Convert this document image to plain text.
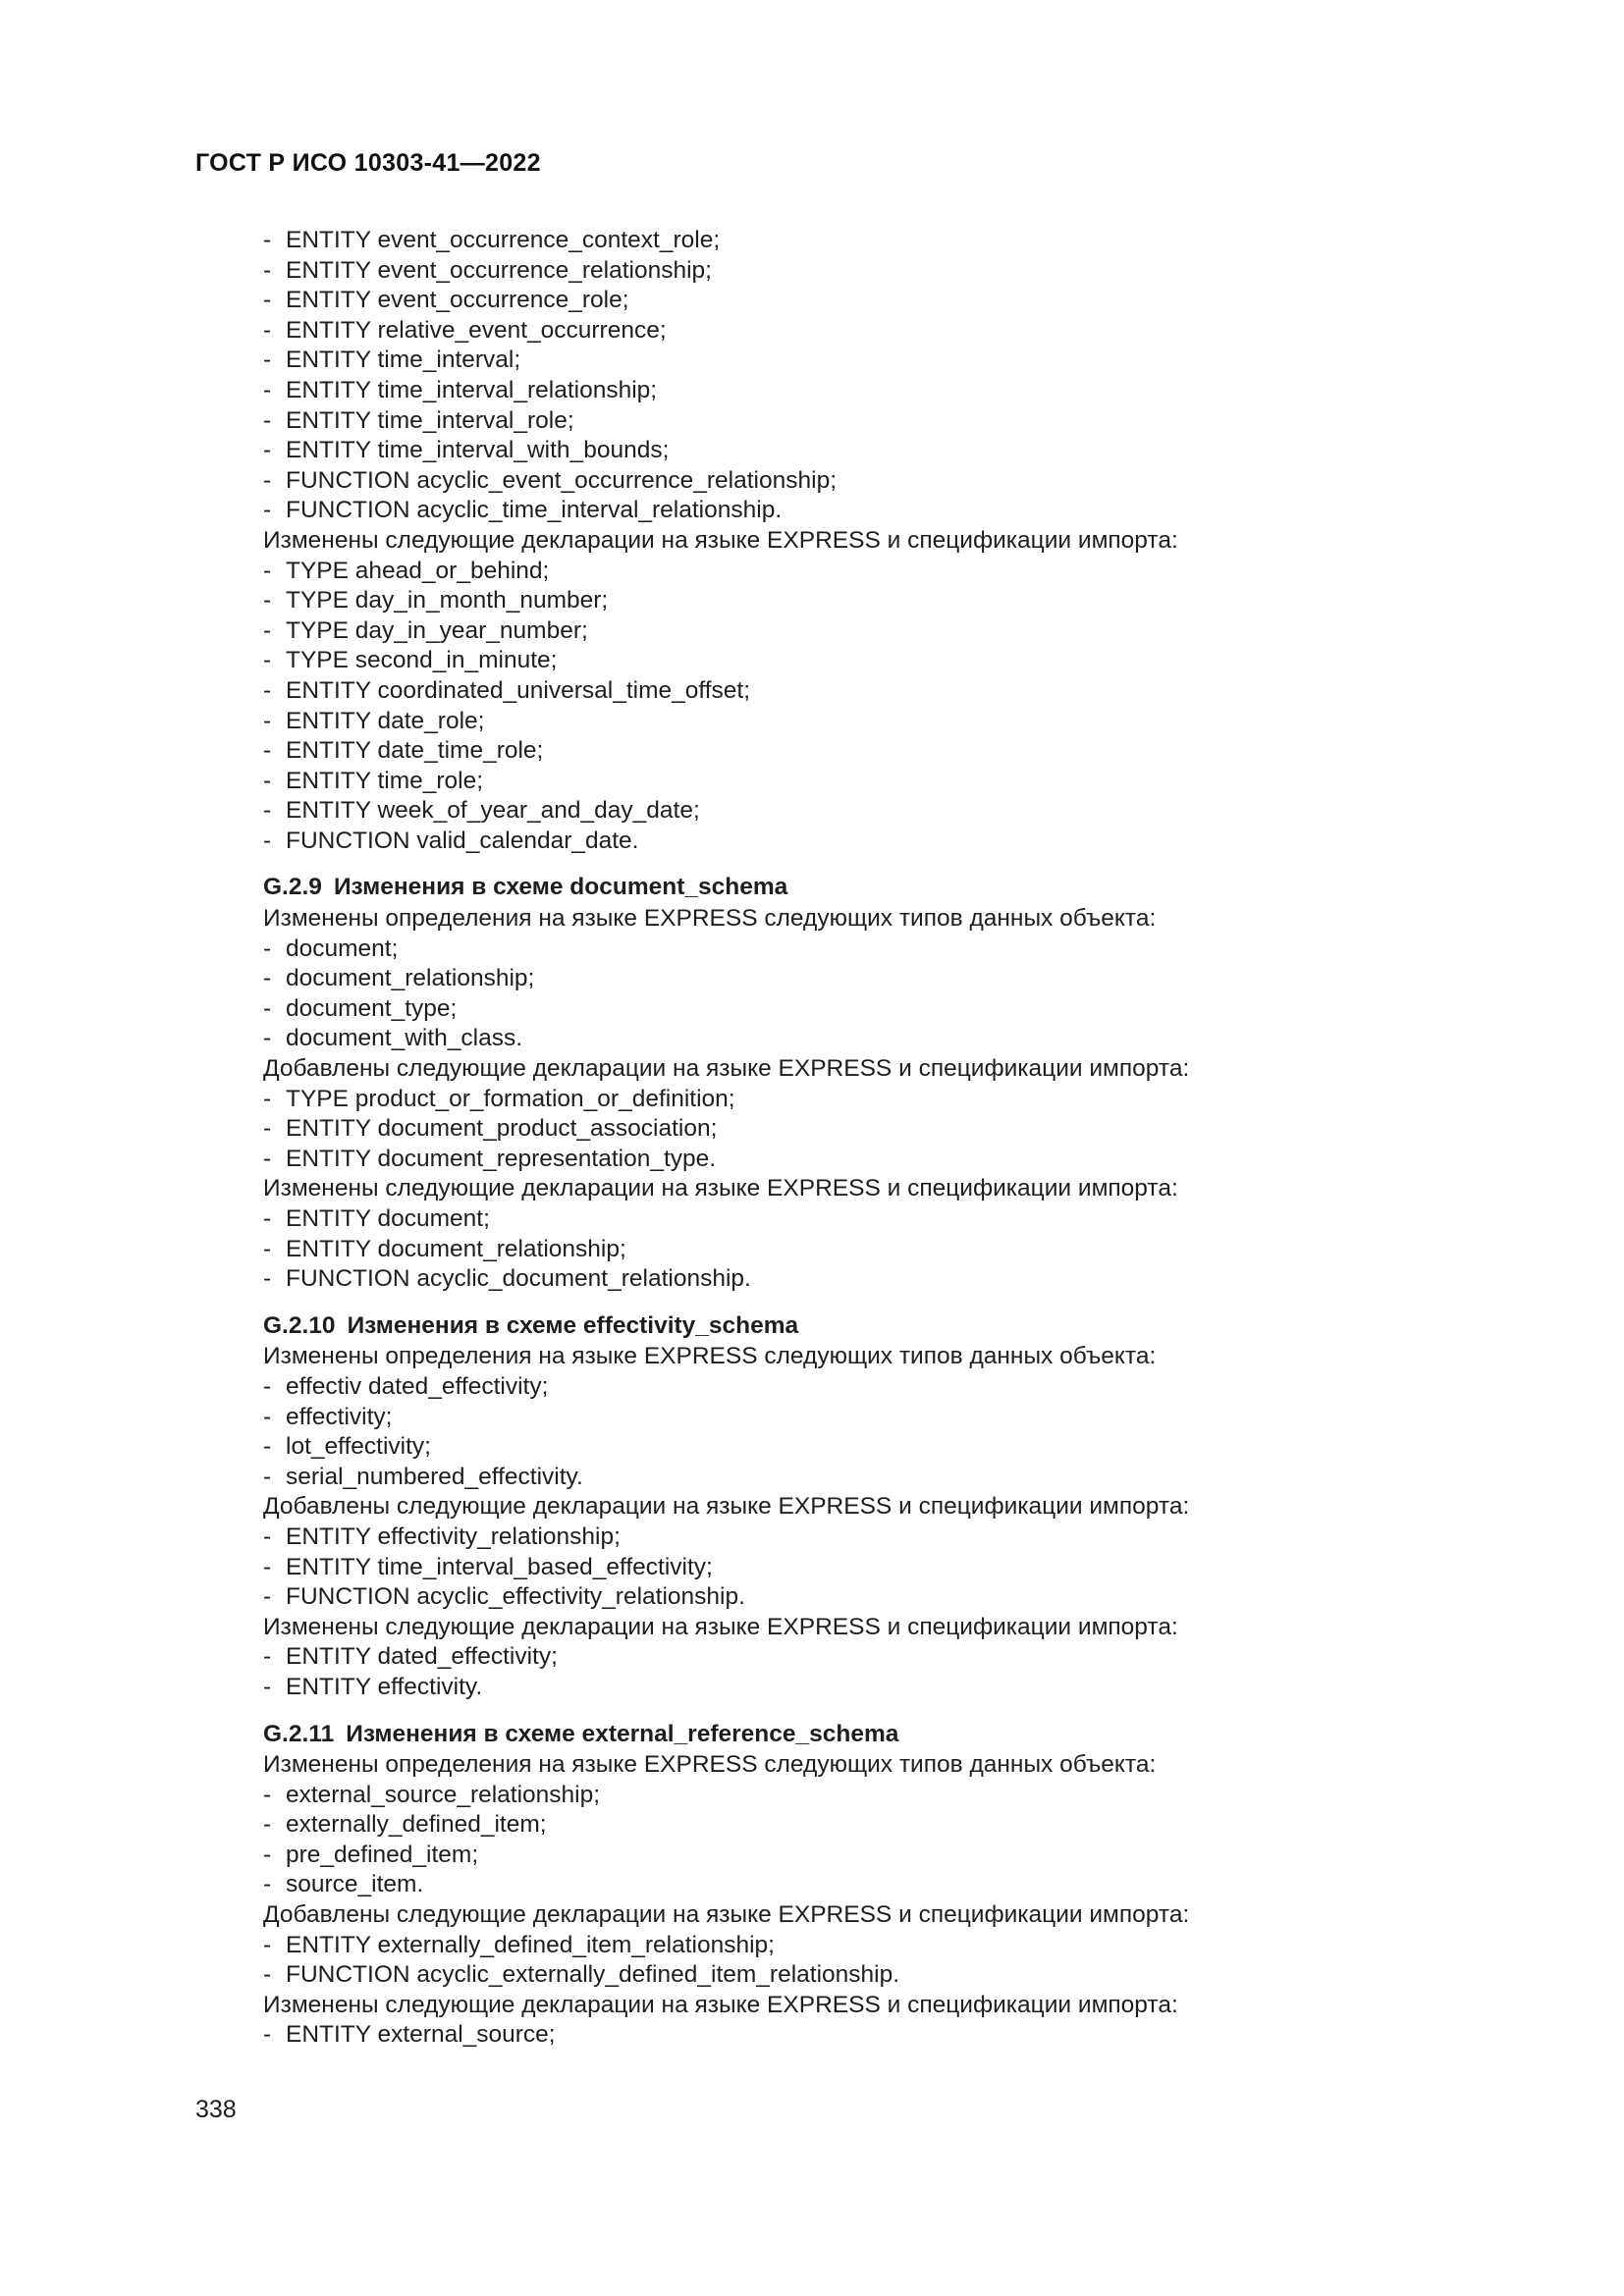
ГОСТ Р ИСО 10303-41—2022
- ENTITY event_occurrence_context_role;
- ENTITY event_occurrence_relationship;
- ENTITY event_occurrence_role;
- ENTITY relative_event_occurrence;
- ENTITY time_interval;
- ENTITY time_interval_relationship;
- ENTITY time_interval_role;
- ENTITY time_interval_with_bounds;
- FUNCTION acyclic_event_occurrence_relationship;
- FUNCTION acyclic_time_interval_relationship.
Изменены следующие декларации на языке EXPRESS и спецификации импорта:
- TYPE ahead_or_behind;
- TYPE day_in_month_number;
- TYPE day_in_year_number;
- TYPE second_in_minute;
- ENTITY coordinated_universal_time_offset;
- ENTITY date_role;
- ENTITY date_time_role;
- ENTITY time_role;
- ENTITY week_of_year_and_day_date;
- FUNCTION valid_calendar_date.
G.2.9 Изменения в схеме document_schema
Изменены определения на языке EXPRESS следующих типов данных объекта:
- document;
- document_relationship;
- document_type;
- document_with_class.
Добавлены следующие декларации на языке EXPRESS и спецификации импорта:
- TYPE product_or_formation_or_definition;
- ENTITY document_product_association;
- ENTITY document_representation_type.
Изменены следующие декларации на языке EXPRESS и спецификации импорта:
- ENTITY document;
- ENTITY document_relationship;
- FUNCTION acyclic_document_relationship.
G.2.10 Изменения в схеме effectivity_schema
Изменены определения на языке EXPRESS следующих типов данных объекта:
- effectiv dated_effectivity;
- effectivity;
- lot_effectivity;
- serial_numbered_effectivity.
Добавлены следующие декларации на языке EXPRESS и спецификации импорта:
- ENTITY effectivity_relationship;
- ENTITY time_interval_based_effectivity;
- FUNCTION acyclic_effectivity_relationship.
Изменены следующие декларации на языке EXPRESS и спецификации импорта:
- ENTITY dated_effectivity;
- ENTITY effectivity.
G.2.11 Изменения в схеме external_reference_schema
Изменены определения на языке EXPRESS следующих типов данных объекта:
- external_source_relationship;
- externally_defined_item;
- pre_defined_item;
- source_item.
Добавлены следующие декларации на языке EXPRESS и спецификации импорта:
- ENTITY externally_defined_item_relationship;
- FUNCTION acyclic_externally_defined_item_relationship.
Изменены следующие декларации на языке EXPRESS и спецификации импорта:
- ENTITY external_source;
338
